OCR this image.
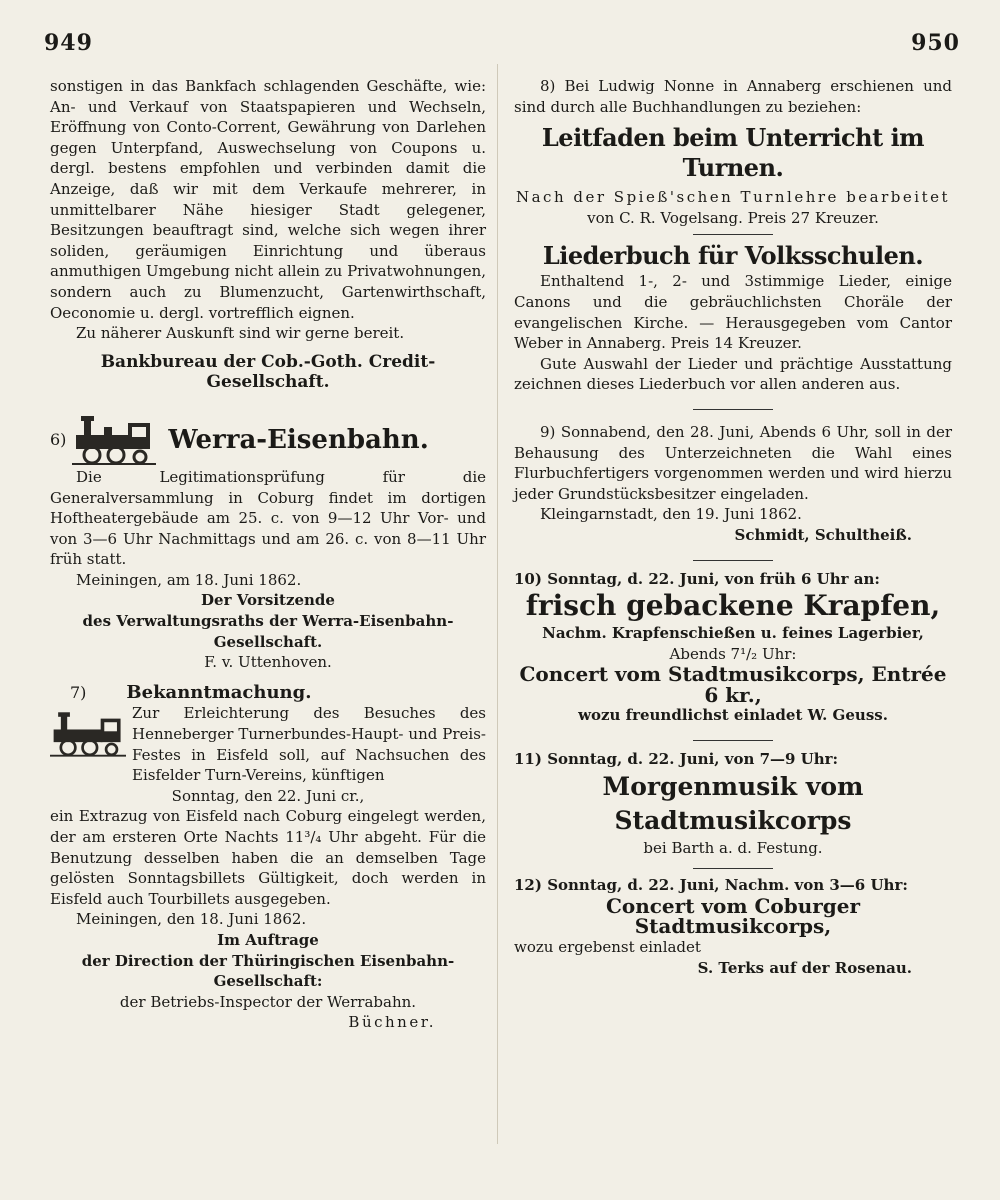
949	950

sonstigen in das Bankfach schlagenden Geschäfte, wie: An- und Verkauf von Staatspapieren und Wechseln, Eröffnung von Conto-Corrent, Gewährung von Darlehen gegen Unterpfand, Auswechselung von Coupons u. dergl. bestens empfohlen und verbinden damit die Anzeige, daß wir mit dem Verkaufe mehrerer, in unmittelbarer Nähe hiesiger Stadt gelegener, Besitzungen beauftragt sind, welche sich wegen ihrer soliden, geräumigen Einrichtung und überaus anmuthigen Umgebung nicht allein zu Privatwohnungen, sondern auch zu Blumenzucht, Gartenwirthschaft, Oeconomie u. dergl. vortrefflich eignen.

Zu näherer Auskunft sind wir gerne bereit.

Bankbureau der Cob.-Goth. Credit-Gesellschaft.

6)	Werra-Eisenbahn.

Die Legitimationsprüfung für die Generalversammlung in Coburg findet im dortigen Hoftheatergebäude am 25. c. von 9—12 Uhr Vor- und von 3—6 Uhr Nachmittags und am 26. c. von 8—11 Uhr früh statt.

Meiningen, am 18. Juni 1862.

Der Vorsitzende

des Verwaltungsraths der Werra-Eisenbahn-Gesellschaft.

F. v. Uttenhoven.

7) Bekanntmachung.

Zur Erleichterung des Besuches des Henneberger Turnerbundes-Haupt- und Preis-Festes in Eisfeld soll, auf Nachsuchen des Eisfelder Turn-Vereins, künftigen

Sonntag, den 22. Juni cr.,

ein Extrazug von Eisfeld nach Coburg eingelegt werden, der am ersteren Orte Nachts 11³/₄ Uhr abgeht. Für die Benutzung desselben haben die an demselben Tage gelösten Sonntagsbillets Gültigkeit, doch werden in Eisfeld auch Tourbillets ausgegeben.

Meiningen, den 18. Juni 1862.

Im Auftrage

der Direction der Thüringischen Eisenbahn-Gesellschaft:

der Betriebs-Inspector der Werrabahn.

Büchner.

8) Bei Ludwig Nonne in Annaberg erschienen und sind durch alle Buchhandlungen zu beziehen:

Leitfaden beim Unterricht im Turnen.

Nach der Spieß'schen Turnlehre bearbeitet

von C. R. Vogelsang. Preis 27 Kreuzer.

Liederbuch für Volksschulen.

Enthaltend 1-, 2- und 3stimmige Lieder, einige Canons und die gebräuchlichsten Choräle der evangelischen Kirche. — Herausgegeben vom Cantor Weber in Annaberg. Preis 14 Kreuzer.

Gute Auswahl der Lieder und prächtige Ausstattung zeichnen dieses Liederbuch vor allen anderen aus.

9) Sonnabend, den 28. Juni, Abends 6 Uhr, soll in der Behausung des Unterzeichneten die Wahl eines Flurbuchfertigers vorgenommen werden und wird hierzu jeder Grundstücksbesitzer eingeladen.

Kleingarnstadt, den 19. Juni 1862.

Schmidt, Schultheiß.

10) Sonntag, d. 22. Juni, von früh 6 Uhr an:

frisch gebackene Krapfen,

Nachm. Krapfenschießen u. feines Lagerbier,

Abends 7¹/₂ Uhr:

Concert vom Stadtmusikcorps, Entrée 6 kr.,

wozu freundlichst einladet W. Geuss.

11) Sonntag, d. 22. Juni, von 7—9 Uhr:

Morgenmusik vom Stadtmusikcorps

bei Barth a. d. Festung.

12) Sonntag, d. 22. Juni, Nachm. von 3—6 Uhr:

Concert vom Coburger Stadtmusikcorps,

wozu ergebenst einladet

S. Terks auf der Rosenau.
